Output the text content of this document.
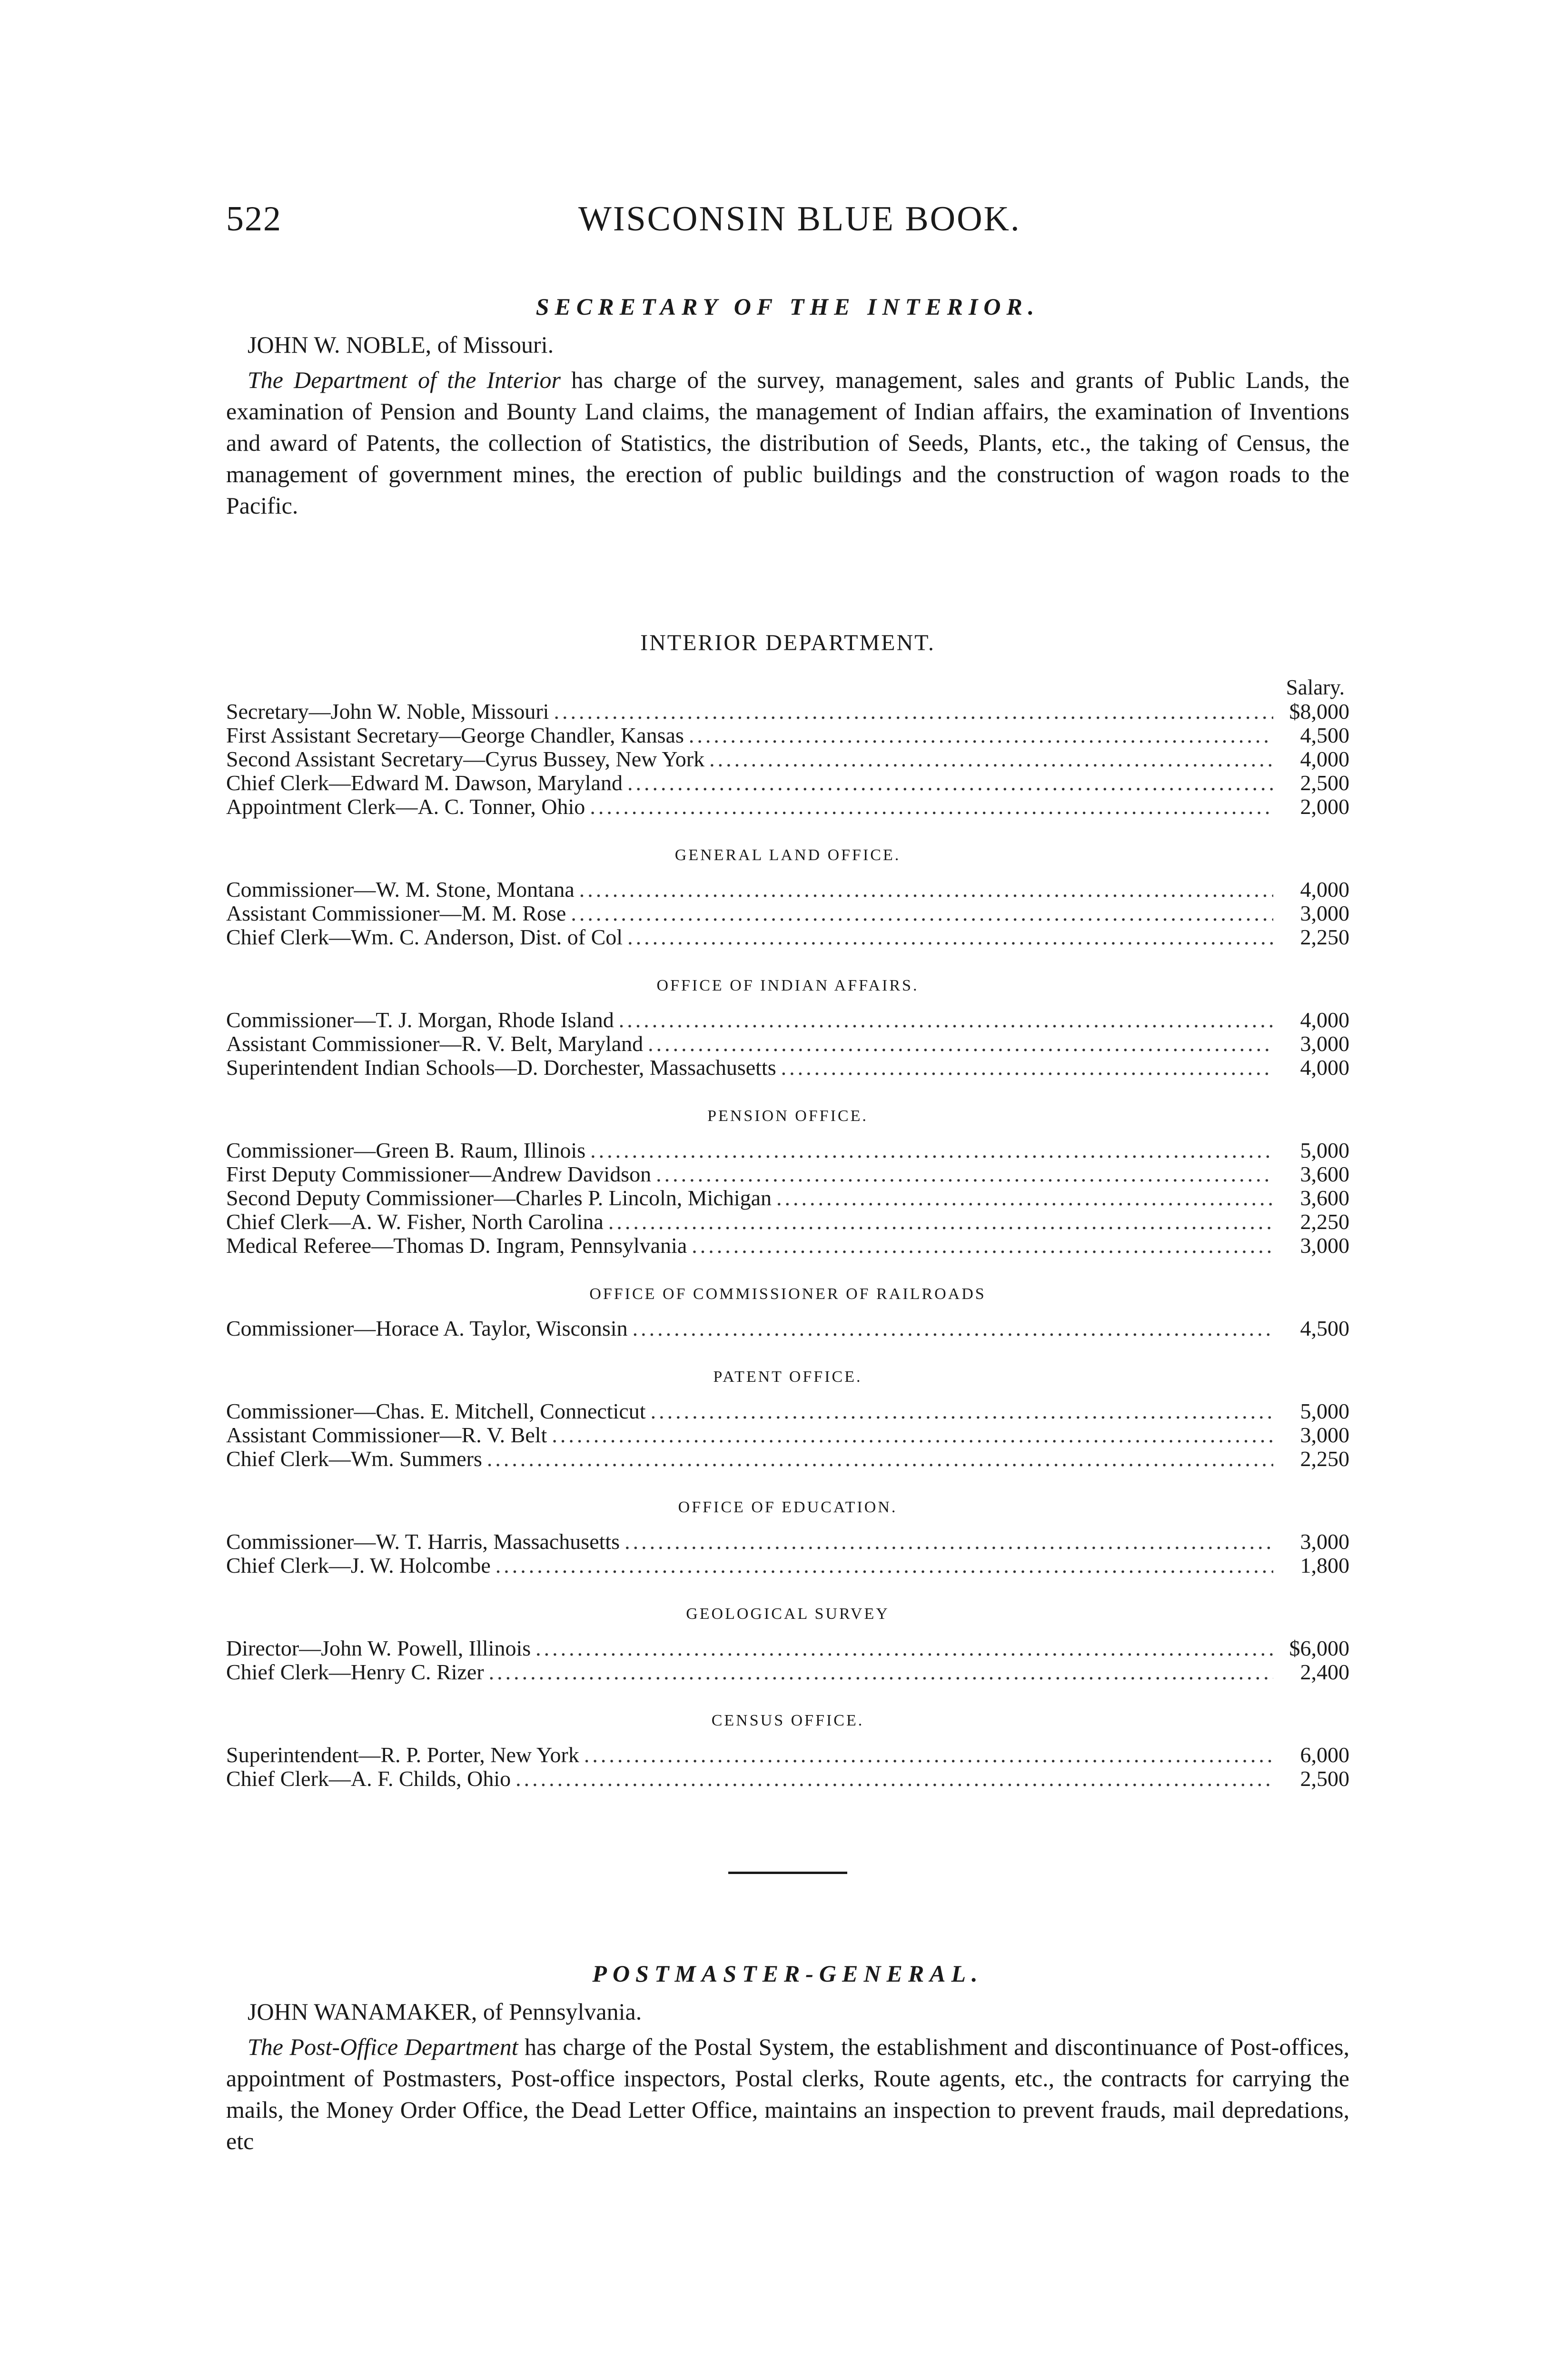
522	WISCONSIN BLUE BOOK.
SECRETARY OF THE INTERIOR.
JOHN W. NOBLE, of Missouri.

The Department of the Interior has charge of the survey, management, sales and grants of Public Lands, the examination of Pension and Bounty Land claims, the management of Indian affairs, the examination of Inventions and award of Patents, the collection of Statistics, the distribution of Seeds, Plants, etc., the taking of Census, the management of government mines, the erection of public buildings and the construction of wagon roads to the Pacific.

INTERIOR DEPARTMENT.
Salary.
Secretary—John W. Noble, Missouri .....	$8,000
First Assistant Secretary—George Chandler, Kansas .....	4,500
Second Assistant Secretary—Cyrus Bussey, New York .....	4,000
Chief Clerk—Edward M. Dawson, Maryland .....	2,500
Appointment Clerk—A. C. Tonner, Ohio .....	2,000
GENERAL LAND OFFICE.
Commissioner—W. M. Stone, Montana .....	4,000
Assistant Commissioner—M. M. Rose .....	3,000
Chief Clerk—Wm. C. Anderson, Dist. of Col .....	2,250
OFFICE OF INDIAN AFFAIRS.
Commissioner—T. J. Morgan, Rhode Island .....	4,000
Assistant Commissioner—R. V. Belt, Maryland .....	3,000
Superintendent Indian Schools—D. Dorchester, Massachusetts .....	4,000
PENSION OFFICE.
Commissioner—Green B. Raum, Illinois .....	5,000
First Deputy Commissioner—Andrew Davidson .....	3,600
Second Deputy Commissioner—Charles P. Lincoln, Michigan .....	3,600
Chief Clerk—A. W. Fisher, North Carolina .....	2,250
Medical Referee—Thomas D. Ingram, Pennsylvania .....	3,000
OFFICE OF COMMISSIONER OF RAILROADS
Commissioner—Horace A. Taylor, Wisconsin .....	4,500
PATENT OFFICE.
Commissioner—Chas. E. Mitchell, Connecticut .....	5,000
Assistant Commissioner—R. V. Belt .....	3,000
Chief Clerk—Wm. Summers .....	2,250
OFFICE OF EDUCATION.
Commissioner—W. T. Harris, Massachusetts .....	3,000
Chief Clerk—J. W. Holcombe .....	1,800
GEOLOGICAL SURVEY
Director—John W. Powell, Illinois .....	$6,000
Chief Clerk—Henry C. Rizer .....	2,400
CENSUS OFFICE.
Superintendent—R. P. Porter, New York .....	6,000
Chief Clerk—A. F. Childs, Ohio .....	2,500
POSTMASTER-GENERAL.
JOHN WANAMAKER, of Pennsylvania.

The Post-Office Department has charge of the Postal System, the establishment and discontinuance of Post-offices, appointment of Postmasters, Post-office inspectors, Postal clerks, Route agents, etc., the contracts for carrying the mails, the Money Order Office, the Dead Letter Office, maintains an inspection to prevent frauds, mail depredations, etc
